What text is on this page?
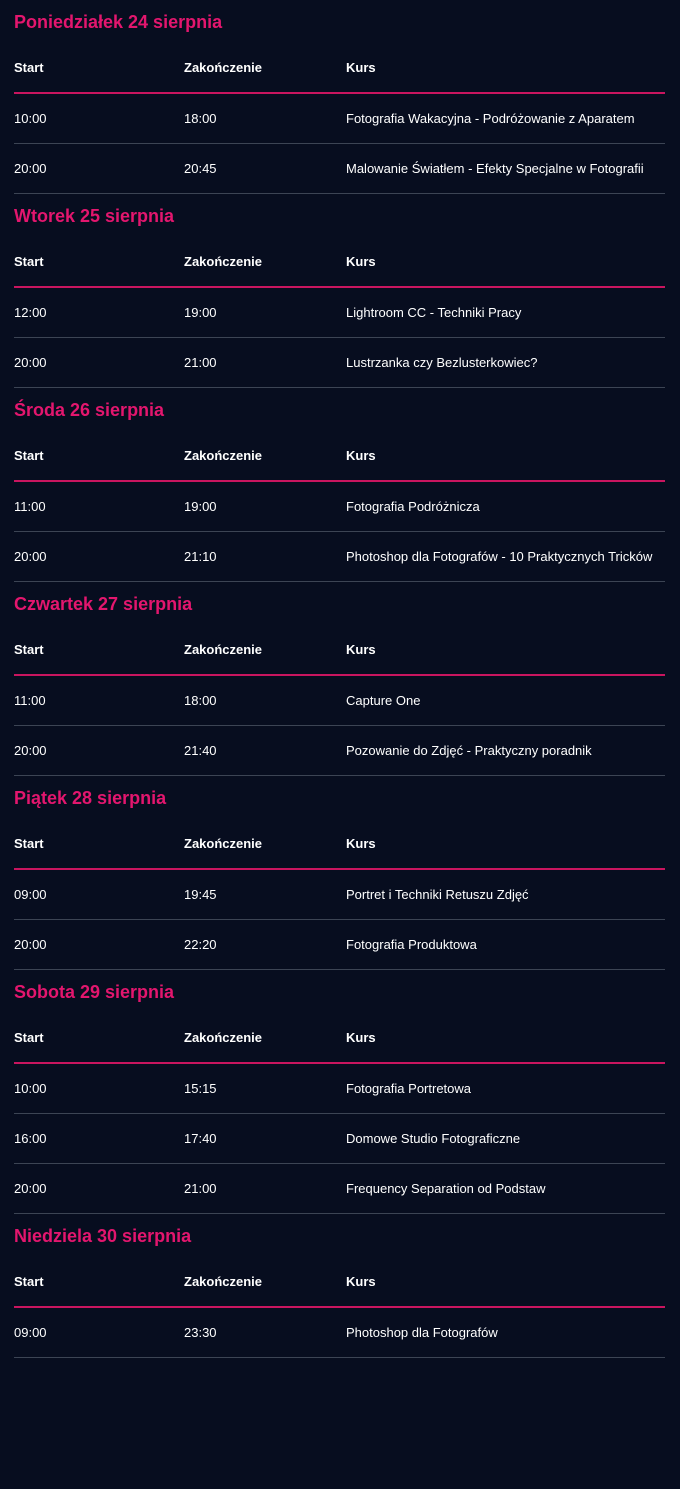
Poniedziałek 24 sierpnia
Start	Zakończenie	Kurs
10:00	18:00	Fotografia Wakacyjna - Podróżowanie z Aparatem
20:00	20:45	Malowanie Światłem - Efekty Specjalne w Fotografii
Wtorek 25 sierpnia
Start	Zakończenie	Kurs
12:00	19:00	Lightroom CC - Techniki Pracy
20:00	21:00	Lustrzanka czy Bezlusterkowiec?
Środa 26 sierpnia
Start	Zakończenie	Kurs
11:00	19:00	Fotografia Podróżnicza
20:00	21:10	Photoshop dla Fotografów - 10 Praktycznych Tricków
Czwartek 27 sierpnia
Start	Zakończenie	Kurs
11:00	18:00	Capture One
20:00	21:40	Pozowanie do Zdjęć - Praktyczny poradnik
Piątek 28 sierpnia
Start	Zakończenie	Kurs
09:00	19:45	Portret i Techniki Retuszu Zdjęć
20:00	22:20	Fotografia Produktowa
Sobota 29 sierpnia
Start	Zakończenie	Kurs
10:00	15:15	Fotografia Portretowa
16:00	17:40	Domowe Studio Fotograficzne
20:00	21:00	Frequency Separation od Podstaw
Niedziela 30 sierpnia
Start	Zakończenie	Kurs
09:00	23:30	Photoshop dla Fotografów
